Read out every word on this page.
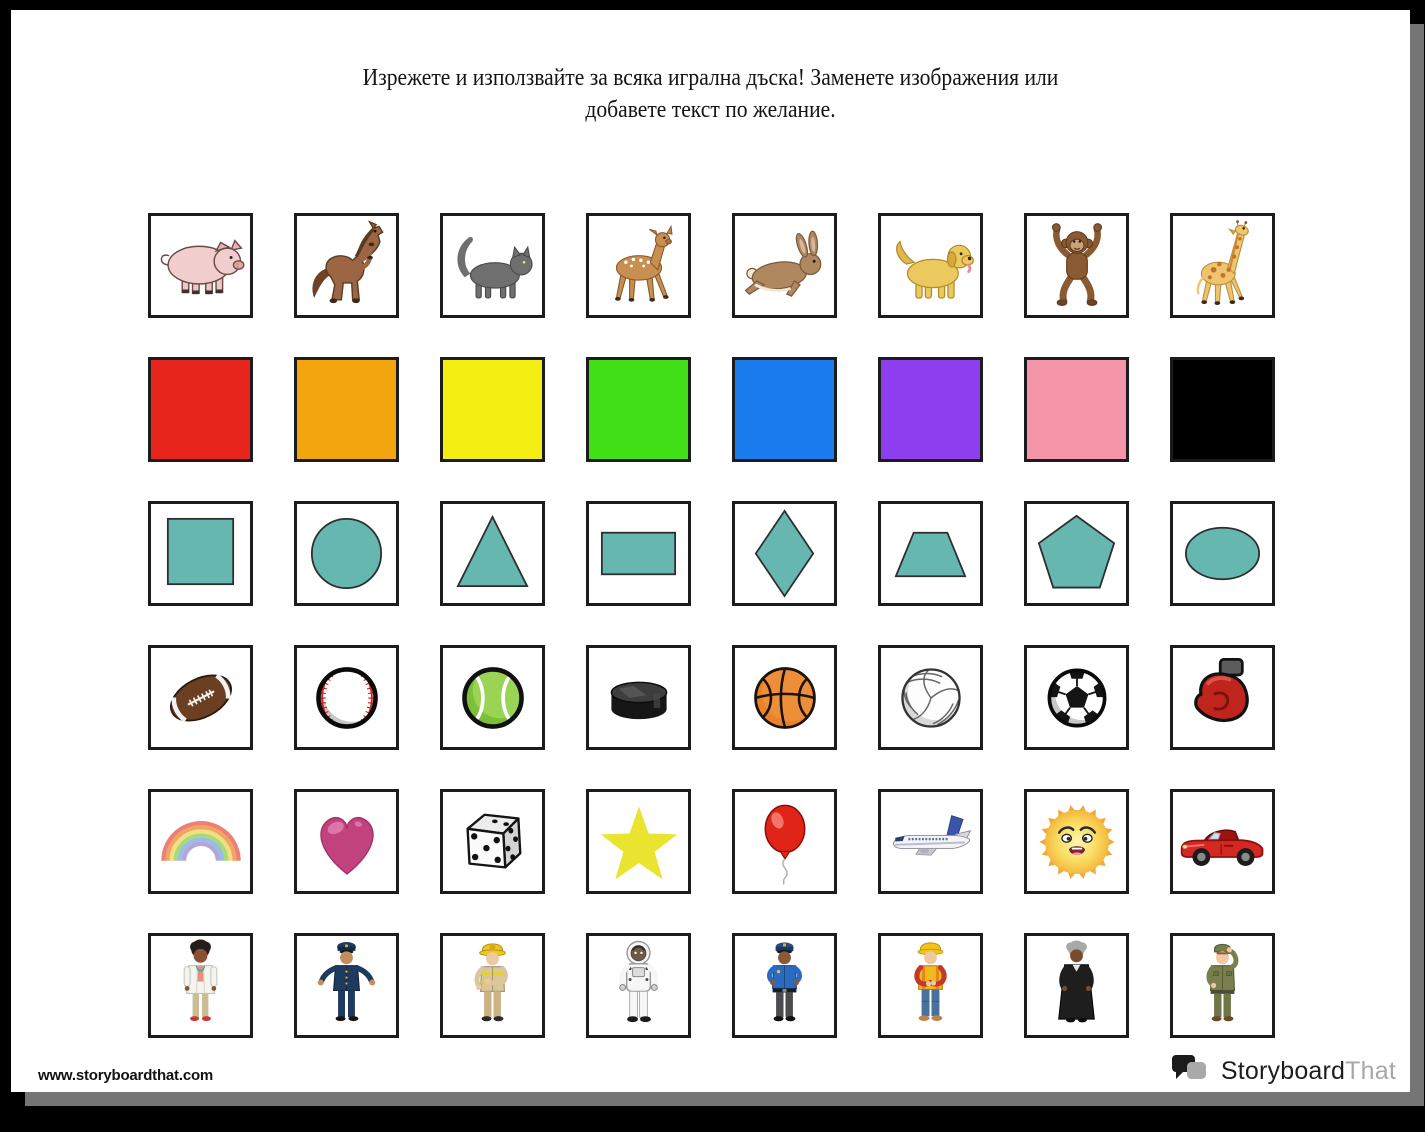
Изрежете и използвайте за всяка игрална дъска! Заменете изображения или
добавете текст по желание.
www.storyboardthat.com	StoryboardThat
